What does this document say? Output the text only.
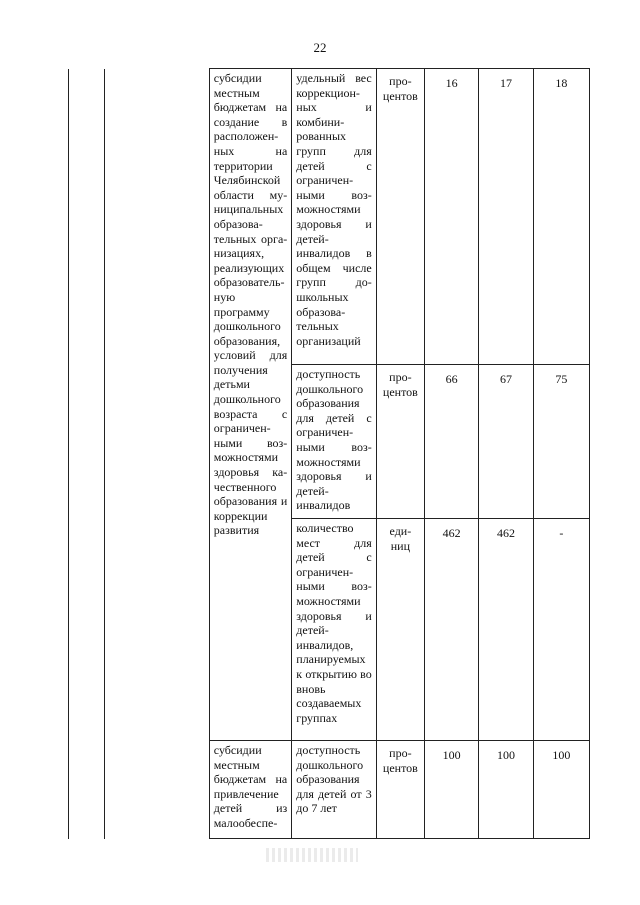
22
		субсидии местным бюджетам на создание в расположен- ных на территории Челябинской области му- ниципальных образова- тельных орга- низациях, реализующих образователь- ную программу дошкольного образования, условий для получения детьми дошкольного возраста с ограничен- ными воз- можностями здоровья ка- чественного образования и коррекции развития	удельный вес коррекцион- ных и комбини- рованных групп для детей с ограничен- ными воз- можностями здоровья и детей- инвалидов в общем числе групп до- школьных образова- тельных организаций	про- центов	16	17	18
			доступность дошкольного образования для детей с ограничен- ными воз- можностями здоровья и детей- инвалидов	про- центов	66	67	75
			количество мест для детей с ограничен- ными воз- можностями здоровья и детей- инвалидов, планируемых к открытию во вновь создаваемых группах	еди- ниц	462	462	-
		субсидии местным бюджетам на привлечение детей из малообеспе-	доступность дошкольного образования для детей от 3 до 7 лет	про- центов	100	100	100
